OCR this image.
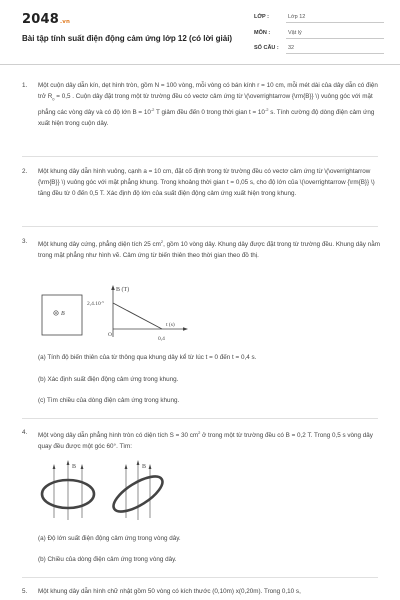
2048.vn
Bài tập tính suất điện động cảm ứng lớp 12 (có lời giải)
LỚP :	Lớp 12
MÔN :	Vật lý
SỐ CÂU : 32
1. Một cuộn dây dẫn kín, dẹt hình tròn, gồm N = 100 vòng, mỗi vòng có bán kính r = 10 cm, mỗi mét dài của dây dẫn có điện trở $R_0 = 0,5$ . Cuộn dây đặt trong một từ trường đều có vectơ cảm ứng từ \(\overrightarrow {\rm{B}} \) vuông góc với mặt phẳng các vòng dây và có độ lớn $B = 10^{-2}$ T giảm đều đến 0 trong thời gian $t = 10^{-2}$ s. Tính cường độ dòng điện cảm ứng xuất hiện trong cuộn dây.
2. Một khung dây dẫn hình vuông, cạnh a = 10 cm, đặt cố định trong từ trường đều có vectơ cảm ứng từ \(\overrightarrow {\rm{B}} \) vuông góc với mặt phẳng khung. Trong khoảng thời gian t = 0,05 s, cho độ lớn của \(\overrightarrow {\rm{B}} \) tăng đều từ 0 đến 0,5 T. Xác định độ lớn của suất điện động cảm ứng xuất hiện trong khung.
3. Một khung dây cứng, phẳng diện tích 25 $cm^2$, gồm 10 vòng dây. Khung dây được đặt trong từ trường đều. Khung dây nằm trong mặt phẳng như hình vẽ. Cảm ứng từ biến thiên theo thời gian theo đồ thị.
B
B (T)
$2,4.10^{-3}$
O
t (s)
0,4
(a) Tính độ biến thiên của từ thông qua khung dây kể từ lúc t = 0 đến t = 0,4 s.
(b) Xác định suất điện động cảm ứng trong khung.
(c) Tìm chiều của dòng điện cảm ứng trong khung.
4. Một vòng dây dẫn phẳng hình tròn có diện tích S = 30 $cm^2$ ở trong một từ trường đều có B = 0,2 T. Trong 0,5 s vòng dây quay đều được một góc 60°. Tìm:
B	B
(a) Độ lớn suất điện động cảm ứng trong vòng dây.
(b) Chiều của dòng điện cảm ứng trong vòng dây.
5. Một khung dây dẫn hình chữ nhật gồm 50 vòng có kích thước (0,10m) x(0,20m). Trong 0,10 s,
